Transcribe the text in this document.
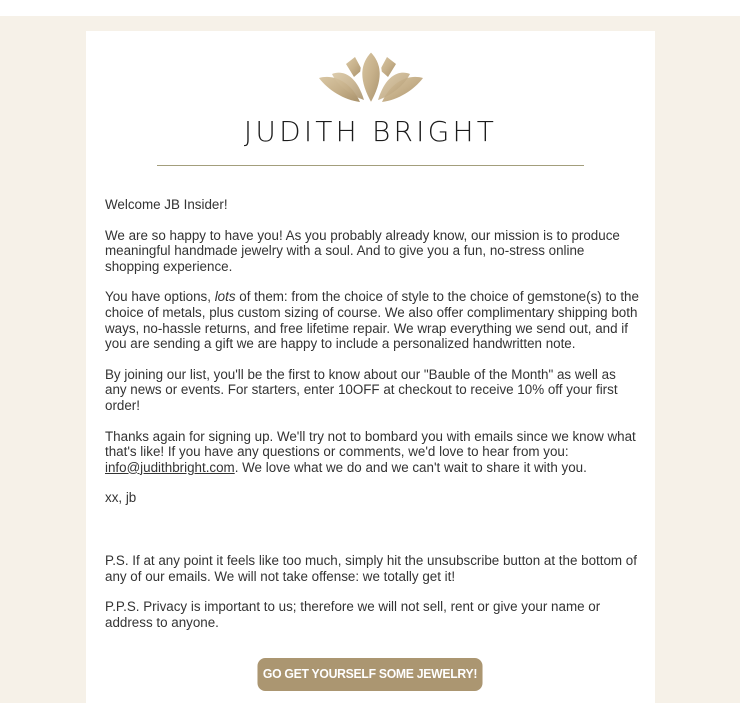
JUDITH BRIGHT

Welcome JB Insider!

We are so happy to have you! As you probably already know, our mission is to produce meaningful handmade jewelry with a soul. And to give you a fun, no-stress online shopping experience.

You have options, lots of them: from the choice of style to the choice of gemstone(s) to the choice of metals, plus custom sizing of course. We also offer complimentary shipping both ways, no-hassle returns, and free lifetime repair. We wrap everything we send out, and if you are sending a gift we are happy to include a personalized handwritten note.

By joining our list, you'll be the first to know about our "Bauble of the Month" as well as any news or events. For starters, enter 10OFF at checkout to receive 10% off your first order!

Thanks again for signing up. We'll try not to bombard you with emails since we know what that's like! If you have any questions or comments, we'd love to hear from you: info@judithbright.com. We love what we do and we can't wait to share it with you.

xx, jb

P.S. If at any point it feels like too much, simply hit the unsubscribe button at the bottom of any of our emails. We will not take offense: we totally get it!

P.P.S. Privacy is important to us; therefore we will not sell, rent or give your name or address to anyone.

GO GET YOURSELF SOME JEWELRY!
